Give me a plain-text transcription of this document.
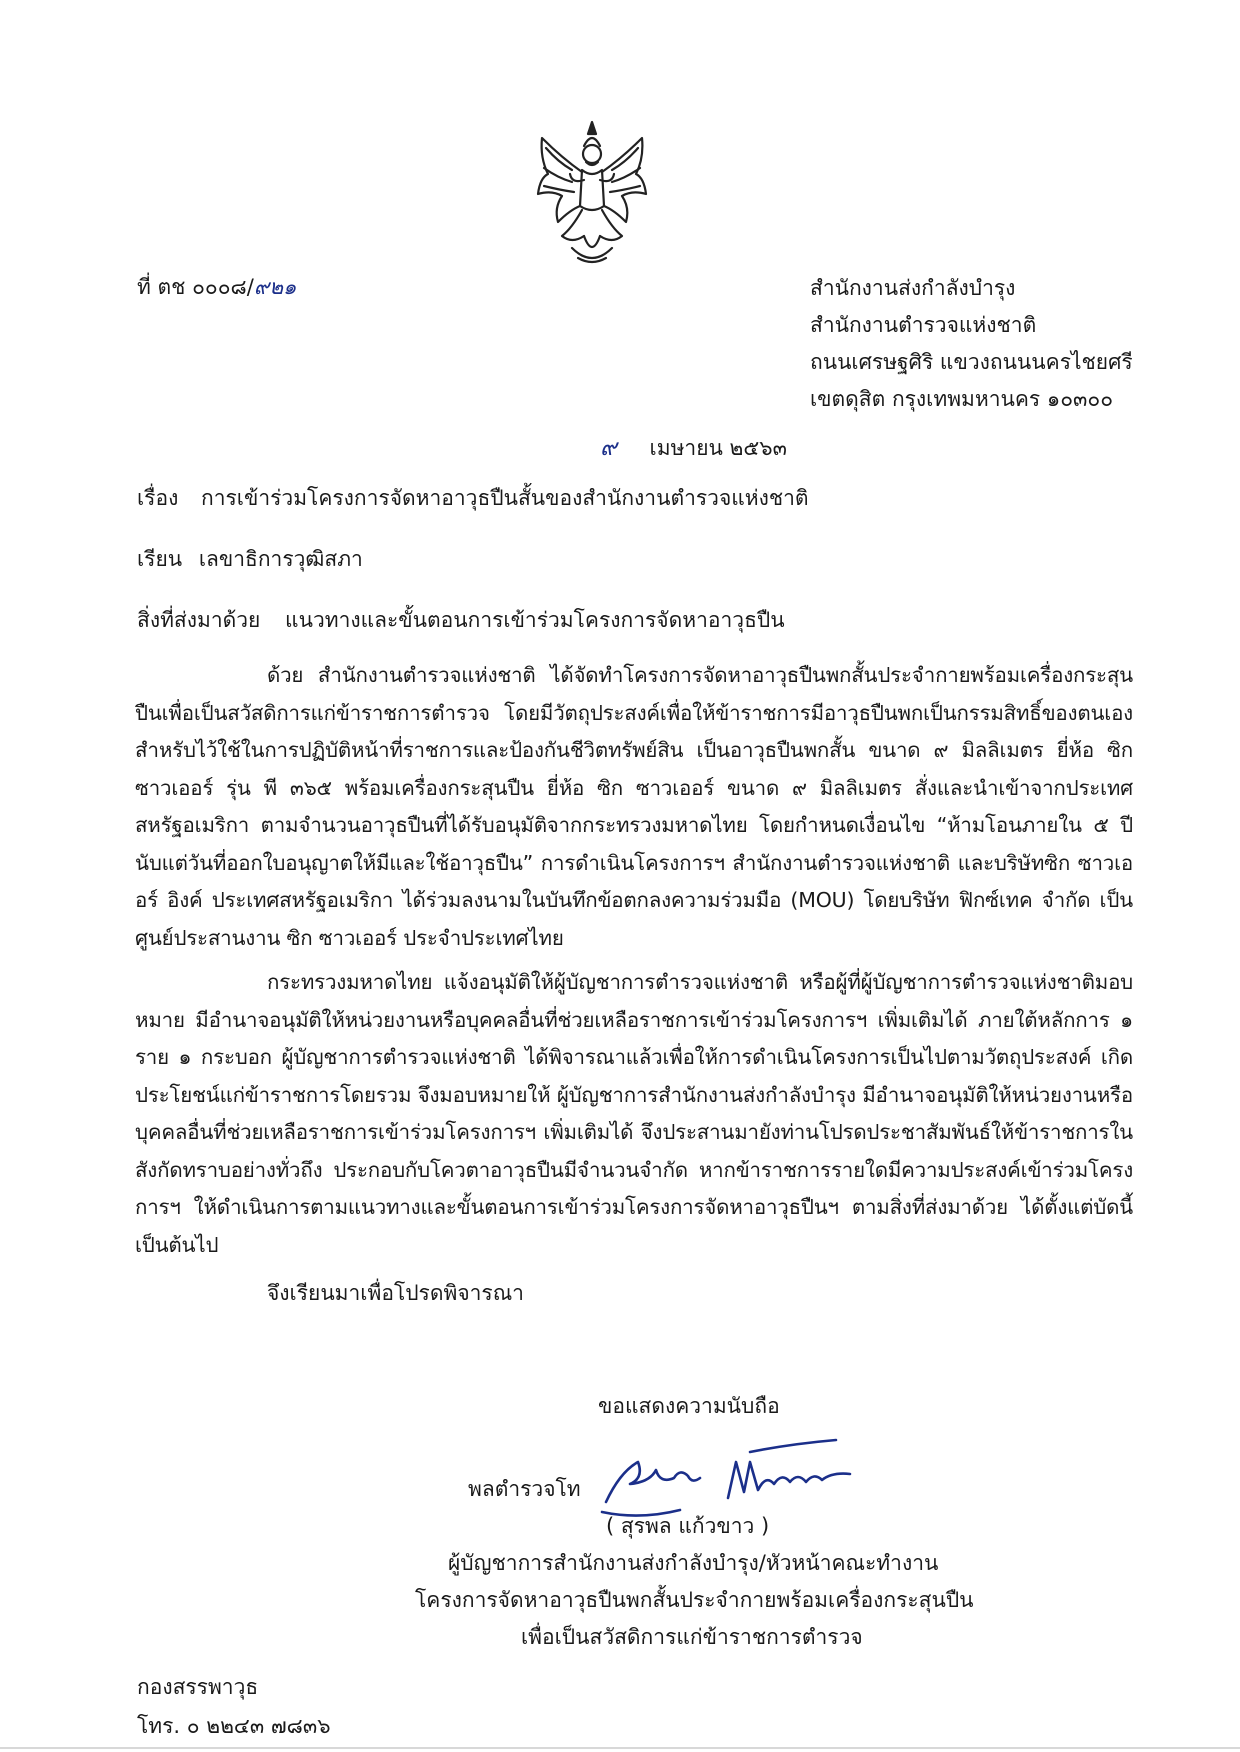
ที่ ตช ๐๐๐๘/๙๒๑	สำนักงานส่งกำลังบำรุง
สำนักงานตำรวจแห่งชาติ
ถนนเศรษฐศิริ แขวงถนนนครไชยศรี
เขตดุสิต กรุงเทพมหานคร ๑๐๓๐๐
๙ เมษายน ๒๕๖๓
เรื่อง การเข้าร่วมโครงการจัดหาอาวุธปืนสั้นของสำนักงานตำรวจแห่งชาติ
เรียน เลขาธิการวุฒิสภา
สิ่งที่ส่งมาด้วย แนวทางและขั้นตอนการเข้าร่วมโครงการจัดหาอาวุธปืน
ด้วย สำนักงานตำรวจแห่งชาติ ได้จัดทำโครงการจัดหาอาวุธปืนพกสั้นประจำกายพร้อมเครื่องกระสุนปืนเพื่อเป็นสวัสดิการแก่ข้าราชการตำรวจ โดยมีวัตถุประสงค์เพื่อให้ข้าราชการมีอาวุธปืนพกเป็นกรรมสิทธิ์ของตนเองสำหรับไว้ใช้ในการปฏิบัติหน้าที่ราชการและป้องกันชีวิตทรัพย์สิน เป็นอาวุธปืนพกสั้น ขนาด ๙ มิลลิเมตร ยี่ห้อ ซิก ซาวเออร์ รุ่น พี ๓๖๕ พร้อมเครื่องกระสุนปืน ยี่ห้อ ซิก ซาวเออร์ ขนาด ๙ มิลลิเมตร สั่งและนำเข้าจากประเทศสหรัฐอเมริกา ตามจำนวนอาวุธปืนที่ได้รับอนุมัติจากกระทรวงมหาดไทย โดยกำหนดเงื่อนไข “ห้ามโอนภายใน ๕ ปี นับแต่วันที่ออกใบอนุญาตให้มีและใช้อาวุธปืน” การดำเนินโครงการฯ สำนักงานตำรวจแห่งชาติ และบริษัทซิก ซาวเออร์ อิงค์ ประเทศสหรัฐอเมริกา ได้ร่วมลงนามในบันทึกข้อตกลงความร่วมมือ (MOU) โดยบริษัท ฟิกซ์เทค จำกัด เป็นศูนย์ประสานงาน ซิก ซาวเออร์ ประจำประเทศไทย
กระทรวงมหาดไทย แจ้งอนุมัติให้ผู้บัญชาการตำรวจแห่งชาติ หรือผู้ที่ผู้บัญชาการตำรวจแห่งชาติมอบหมาย มีอำนาจอนุมัติให้หน่วยงานหรือบุคคลอื่นที่ช่วยเหลือราชการเข้าร่วมโครงการฯ เพิ่มเติมได้ ภายใต้หลักการ ๑ ราย ๑ กระบอก ผู้บัญชาการตำรวจแห่งชาติ ได้พิจารณาแล้วเพื่อให้การดำเนินโครงการเป็นไปตามวัตถุประสงค์ เกิดประโยชน์แก่ข้าราชการโดยรวม จึงมอบหมายให้ ผู้บัญชาการสำนักงานส่งกำลังบำรุง มีอำนาจอนุมัติให้หน่วยงานหรือบุคคลอื่นที่ช่วยเหลือราชการเข้าร่วมโครงการฯ เพิ่มเติมได้ จึงประสานมายังท่านโปรดประชาสัมพันธ์ให้ข้าราชการในสังกัดทราบอย่างทั่วถึง ประกอบกับโควตาอาวุธปืนมีจำนวนจำกัด หากข้าราชการรายใดมีความประสงค์เข้าร่วมโครงการฯ ให้ดำเนินการตามแนวทางและขั้นตอนการเข้าร่วมโครงการจัดหาอาวุธปืนฯ ตามสิ่งที่ส่งมาด้วย ได้ตั้งแต่บัดนี้เป็นต้นไป
จึงเรียนมาเพื่อโปรดพิจารณา
ขอแสดงความนับถือ
พลตำรวจโท
( สุรพล แก้วขาว )
ผู้บัญชาการสำนักงานส่งกำลังบำรุง/หัวหน้าคณะทำงาน
โครงการจัดหาอาวุธปืนพกสั้นประจำกายพร้อมเครื่องกระสุนปืน
เพื่อเป็นสวัสดิการแก่ข้าราชการตำรวจ
กองสรรพาวุธ
โทร. ๐ ๒๒๔๓ ๗๘๓๖
